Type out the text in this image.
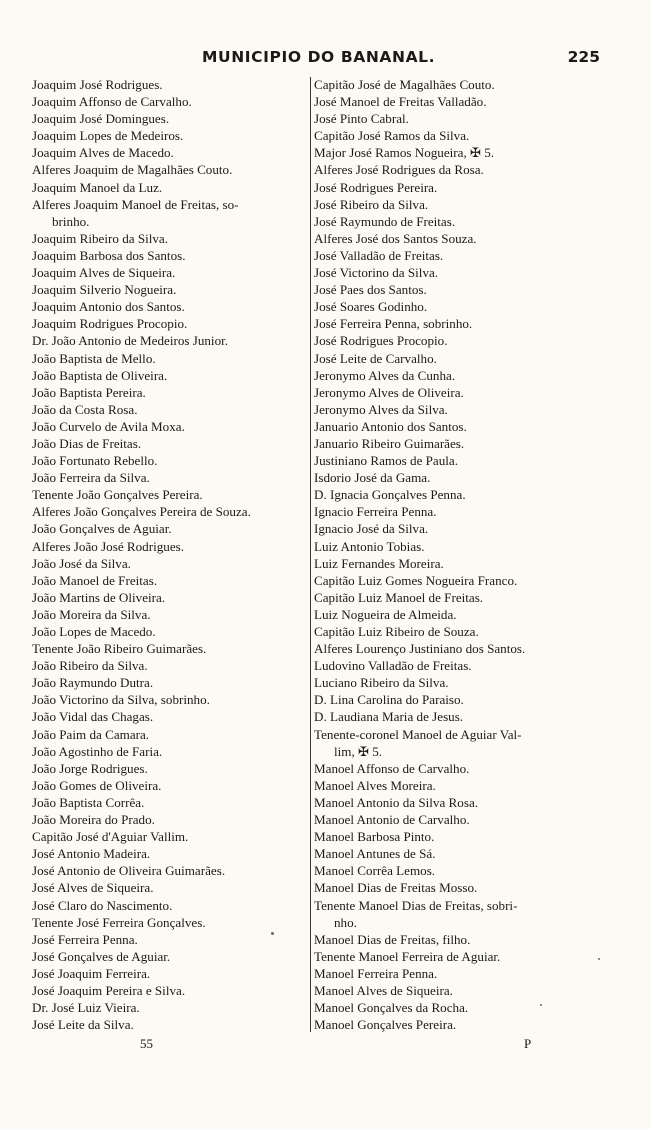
MUNICIPIO DO BANANAL.	225
Joaquim José Rodrigues.
Joaquim Affonso de Carvalho.
Joaquim José Domingues.
Joaquim Lopes de Medeiros.
Joaquim Alves de Macedo.
Alferes Joaquim de Magalhães Couto.
Joaquim Manoel da Luz.
Alferes Joaquim Manoel de Freitas, so-
brinho.
Joaquim Ribeiro da Silva.
Joaquim Barbosa dos Santos.
Joaquim Alves de Siqueira.
Joaquim Silverio Nogueira.
Joaquim Antonio dos Santos.
Joaquim Rodrigues Procopio.
Dr. João Antonio de Medeiros Junior.
João Baptista de Mello.
João Baptista de Oliveira.
João Baptista Pereira.
João da Costa Rosa.
João Curvelo de Avila Moxa.
João Dias de Freitas.
João Fortunato Rebello.
João Ferreira da Silva.
Tenente João Gonçalves Pereira.
Alferes João Gonçalves Pereira de Souza.
João Gonçalves de Aguiar.
Alferes João José Rodrigues.
João José da Silva.
João Manoel de Freitas.
João Martins de Oliveira.
João Moreira da Silva.
João Lopes de Macedo.
Tenente João Ribeiro Guimarães.
João Ribeiro da Silva.
João Raymundo Dutra.
João Victorino da Silva, sobrinho.
João Vidal das Chagas.
João Paim da Camara.
João Agostinho de Faria.
João Jorge Rodrigues.
João Gomes de Oliveira.
João Baptista Corrêa.
João Moreira do Prado.
Capitão José d'Aguiar Vallim.
José Antonio Madeira.
José Antonio de Oliveira Guimarães.
José Alves de Siqueira.
José Claro do Nascimento.
Tenente José Ferreira Gonçalves.
José Ferreira Penna.
José Gonçalves de Aguiar.
José Joaquim Ferreira.
José Joaquim Pereira e Silva.
Dr. José Luiz Vieira.
José Leite da Silva.
Capitão José de Magalhães Couto.
José Manoel de Freitas Valladão.
José Pinto Cabral.
Capitão José Ramos da Silva.
Major José Ramos Nogueira, ✠ 5.
Alferes José Rodrigues da Rosa.
José Rodrigues Pereira.
José Ribeiro da Silva.
José Raymundo de Freitas.
Alferes José dos Santos Souza.
José Valladão de Freitas.
José Victorino da Silva.
José Paes dos Santos.
José Soares Godinho.
José Ferreira Penna, sobrinho.
José Rodrigues Procopio.
José Leite de Carvalho.
Jeronymo Alves da Cunha.
Jeronymo Alves de Oliveira.
Jeronymo Alves da Silva.
Januario Antonio dos Santos.
Januario Ribeiro Guimarães.
Justiniano Ramos de Paula.
Isdorio José da Gama.
D. Ignacia Gonçalves Penna.
Ignacio Ferreira Penna.
Ignacio José da Silva.
Luiz Antonio Tobias.
Luiz Fernandes Moreira.
Capitão Luiz Gomes Nogueira Franco.
Capitão Luiz Manoel de Freitas.
Luiz Nogueira de Almeida.
Capitão Luiz Ribeiro de Souza.
Alferes Lourenço Justiniano dos Santos.
Ludovino Valladão de Freitas.
Luciano Ribeiro da Silva.
D. Lina Carolina do Paraiso.
D. Laudiana Maria de Jesus.
Tenente-coronel Manoel de Aguiar Val-
lim, ✠ 5.
Manoel Affonso de Carvalho.
Manoel Alves Moreira.
Manoel Antonio da Silva Rosa.
Manoel Antonio de Carvalho.
Manoel Barbosa Pinto.
Manoel Antunes de Sá.
Manoel Corrêa Lemos.
Manoel Dias de Freitas Mosso.
Tenente Manoel Dias de Freitas, sobri-
nho.
Manoel Dias de Freitas, filho.
Tenente Manoel Ferreira de Aguiar.
Manoel Ferreira Penna.
Manoel Alves de Siqueira.
Manoel Gonçalves da Rocha.
Manoel Gonçalves Pereira.
55	P
